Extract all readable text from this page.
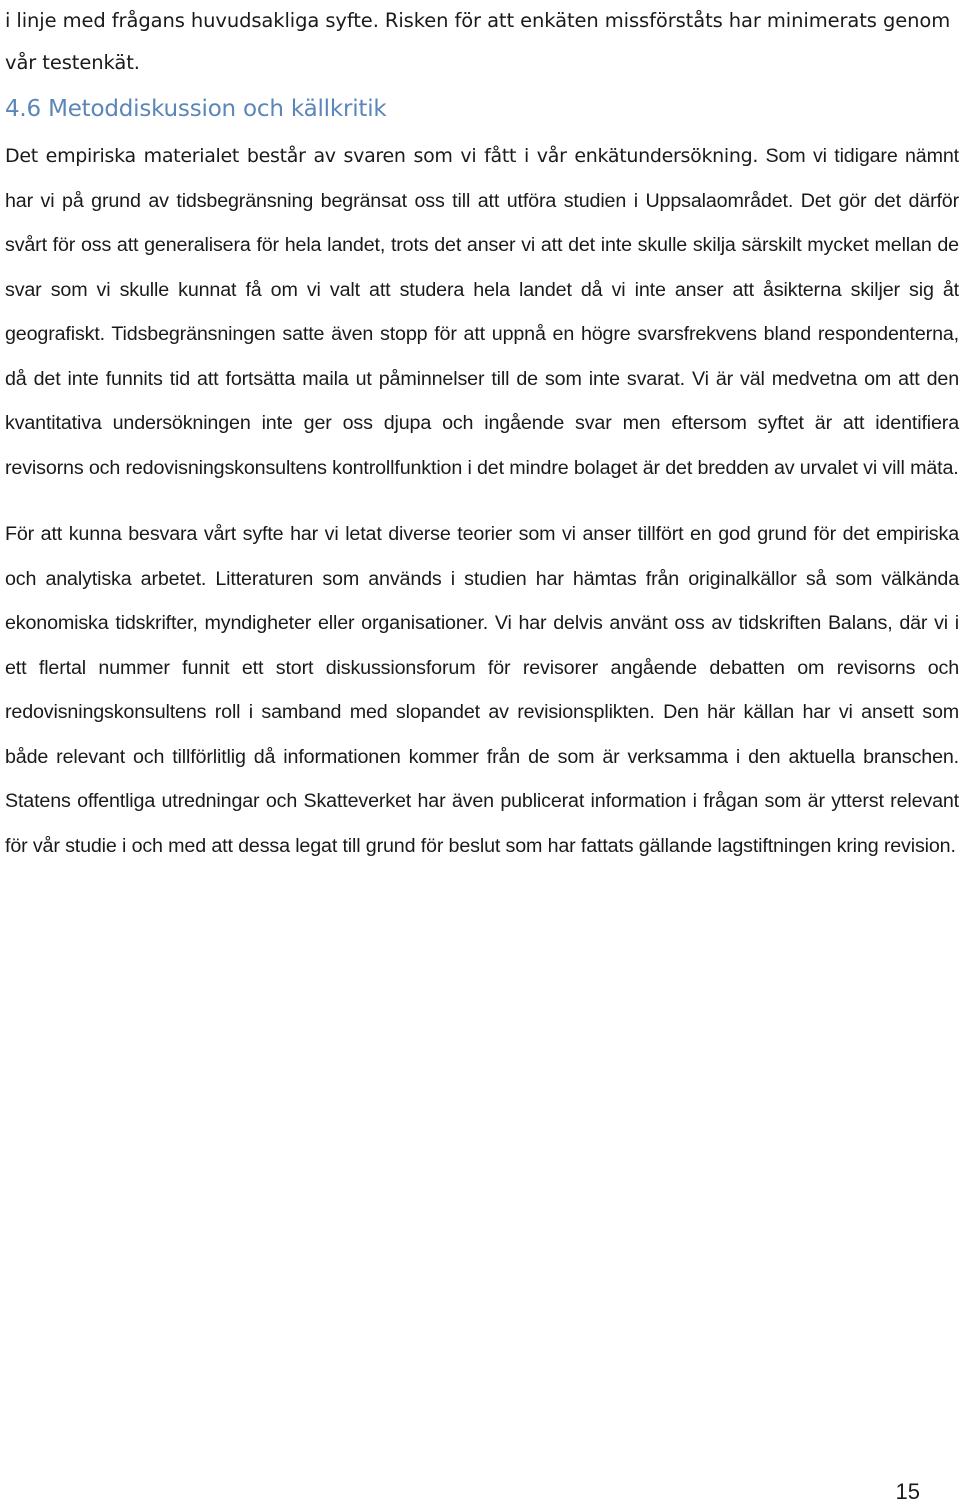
i linje med frågans huvudsakliga syfte. Risken för att enkäten missförståts har minimerats genom
vår testenkät.

4.6 Metoddiskussion och källkritik

Det empiriska materialet består av svaren som vi fått i vår enkätundersökning. Som vi tidigare nämnt har vi på grund av tidsbegränsning begränsat oss till att utföra studien i Uppsalaområdet. Det gör det därför svårt för oss att generalisera för hela landet, trots det anser vi att det inte skulle skilja särskilt mycket mellan de svar som vi skulle kunnat få om vi valt att studera hela landet då vi inte anser att åsikterna skiljer sig åt geografiskt. Tidsbegränsningen satte även stopp för att uppnå en högre svarsfrekvens bland respondenterna, då det inte funnits tid att fortsätta maila ut påminnelser till de som inte svarat. Vi är väl medvetna om att den kvantitativa undersökningen inte ger oss djupa och ingående svar men eftersom syftet är att identifiera revisorns och redovisningskonsultens kontrollfunktion i det mindre bolaget är det bredden av urvalet vi vill mäta.

För att kunna besvara vårt syfte har vi letat diverse teorier som vi anser tillfört en god grund för det empiriska och analytiska arbetet. Litteraturen som används i studien har hämtas från originalkällor så som välkända ekonomiska tidskrifter, myndigheter eller organisationer. Vi har delvis använt oss av tidskriften Balans, där vi i ett flertal nummer funnit ett stort diskussionsforum för revisorer angående debatten om revisorns och redovisningskonsultens roll i samband med slopandet av revisionsplikten. Den här källan har vi ansett som både relevant och tillförlitlig då informationen kommer från de som är verksamma i den aktuella branschen. Statens offentliga utredningar och Skatteverket har även publicerat information i frågan som är ytterst relevant för vår studie i och med att dessa legat till grund för beslut som har fattats gällande lagstiftningen kring revision.

15
